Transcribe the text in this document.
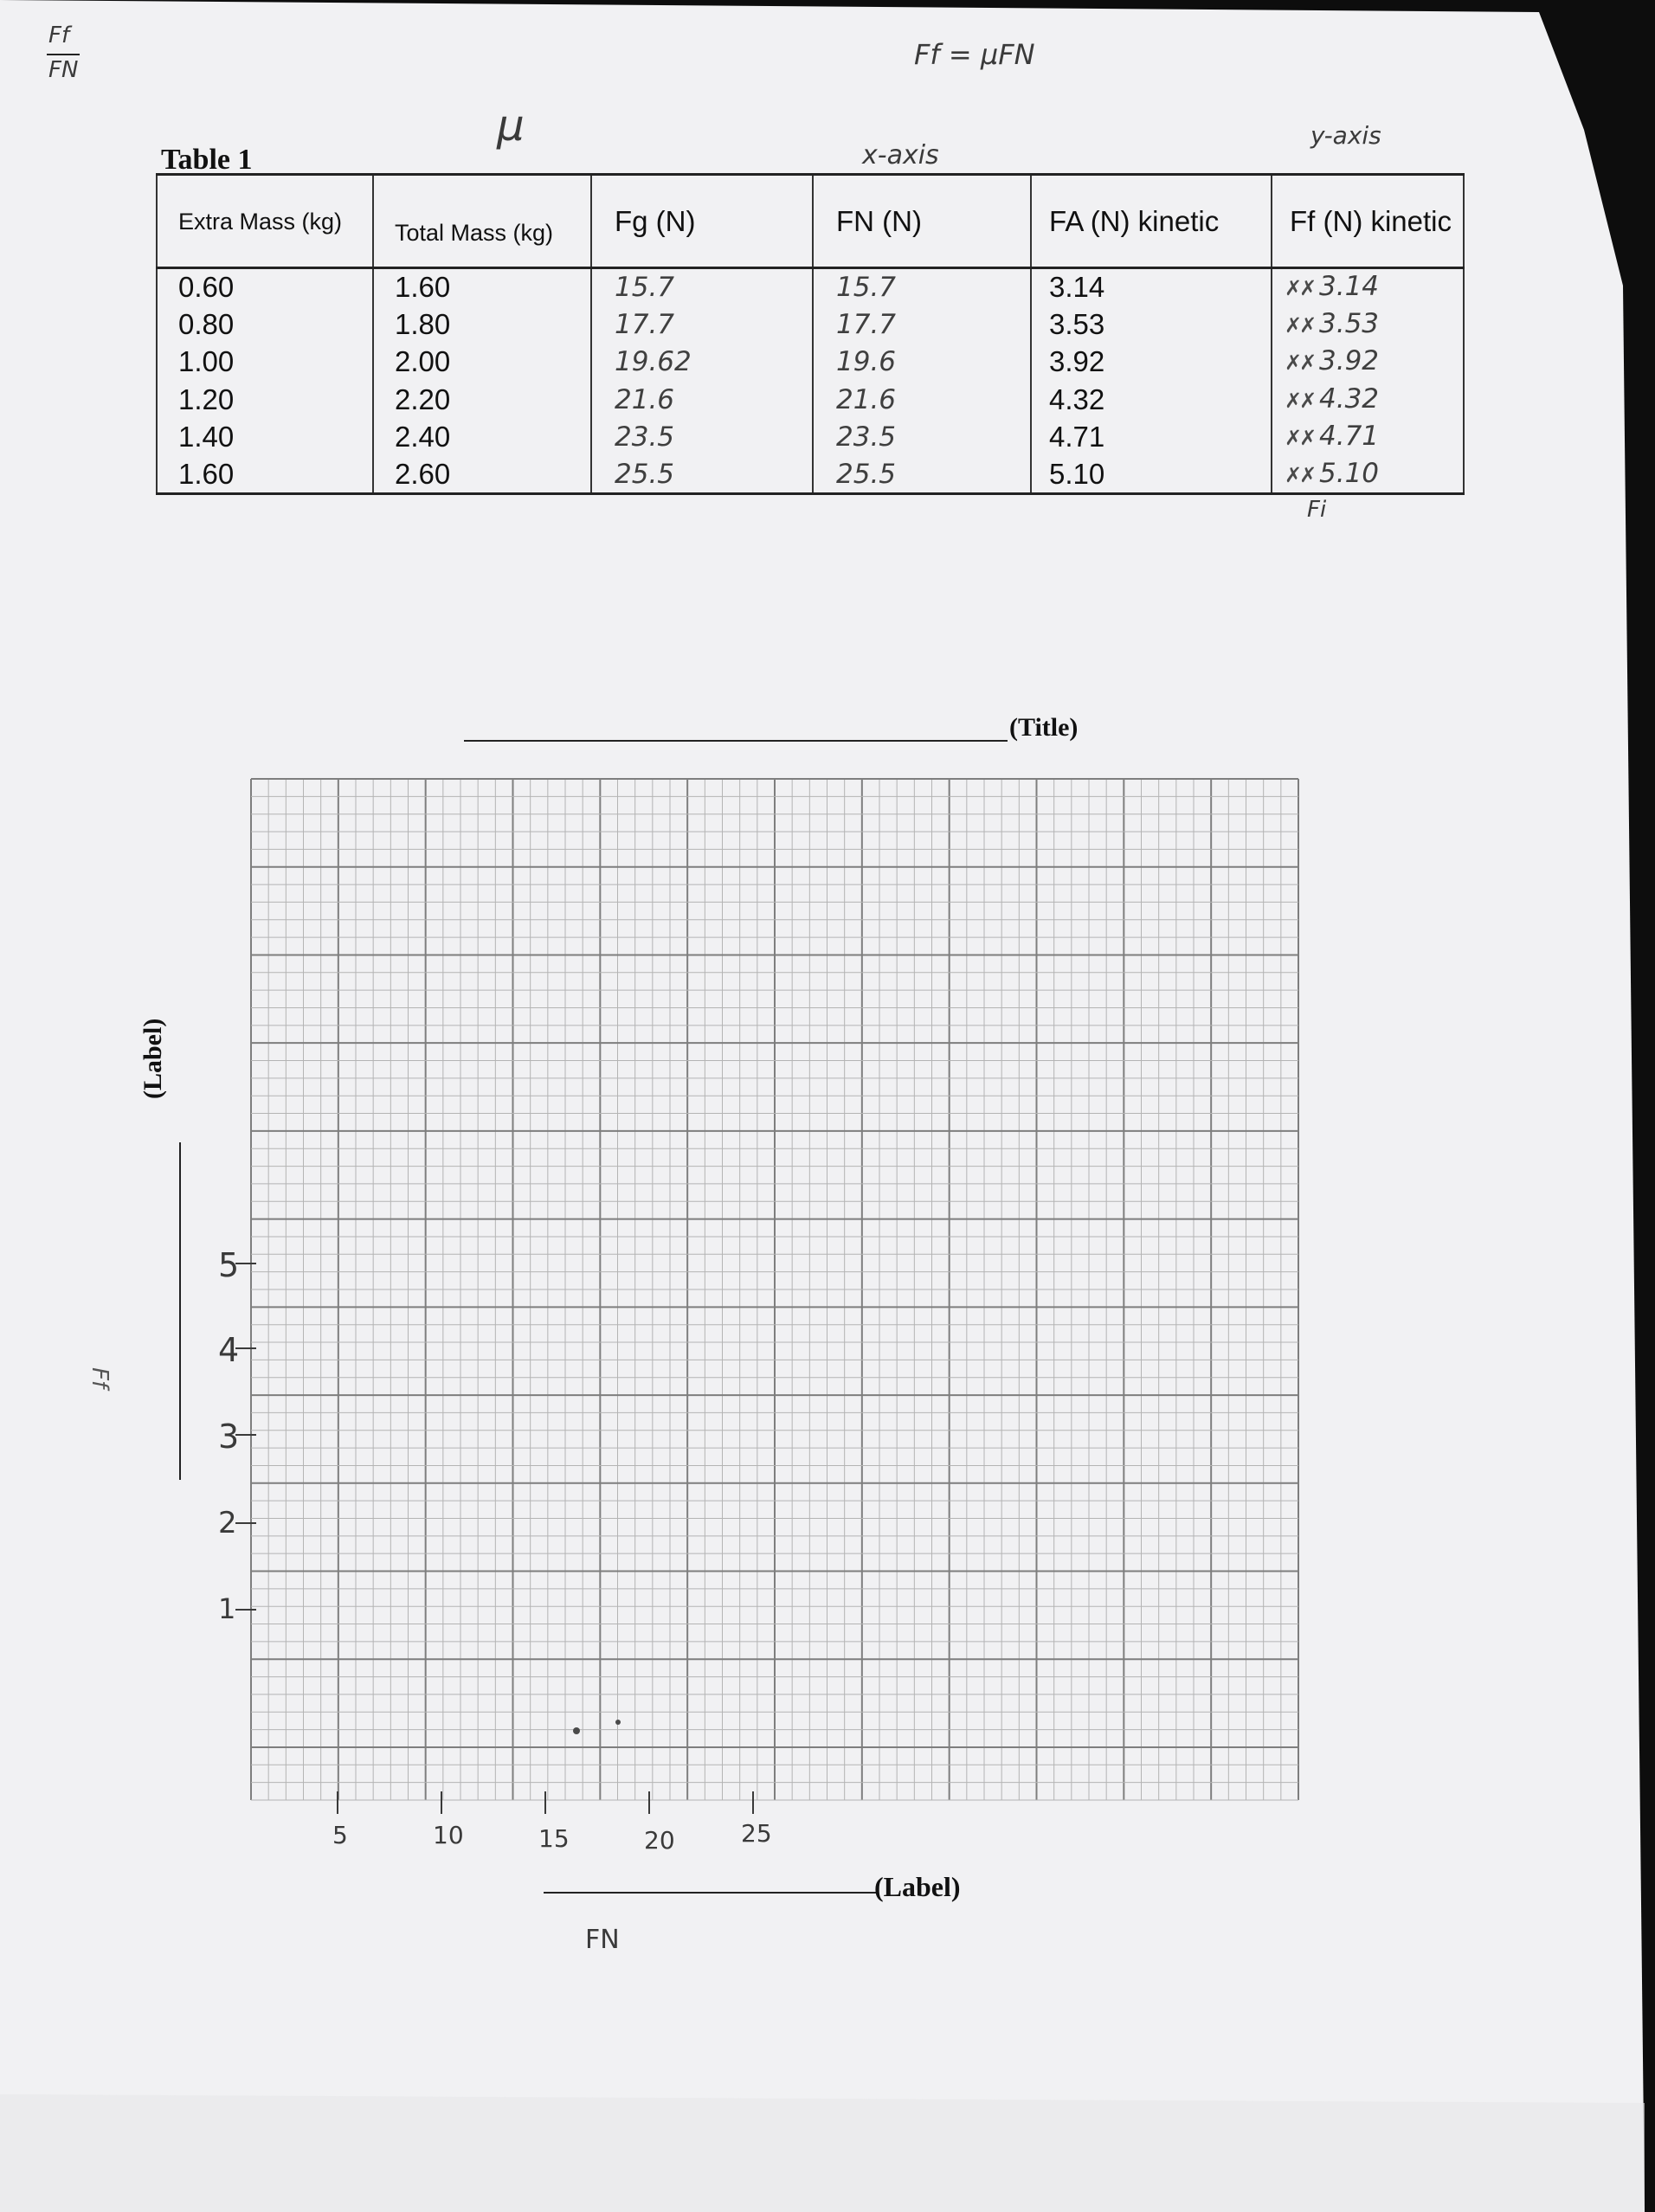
Ff
FN
μ
Ff = μFN
x-axis
y-axis
Table 1
Extra Mass (kg)	Total Mass (kg)	Fg (N)	FN (N)	FA (N) kinetic	Ff (N) kinetic
0.60	1.60	15.7	15.7	3.14	✗✗ 3.14
0.80	1.80	17.7	17.7	3.53	✗✗ 3.53
1.00	2.00	19.62	19.6	3.92	✗✗ 3.92
1.20	2.20	21.6	21.6	4.32	✗✗ 4.32
1.40	2.40	23.5	23.5	4.71	✗✗ 4.71
1.60	2.60	25.5	25.5	5.10	✗✗ 5.10
Fi
(Title)
5
4
3
2
1
(Label)
Ff
5	10	15	20	25
(Label)
FN
